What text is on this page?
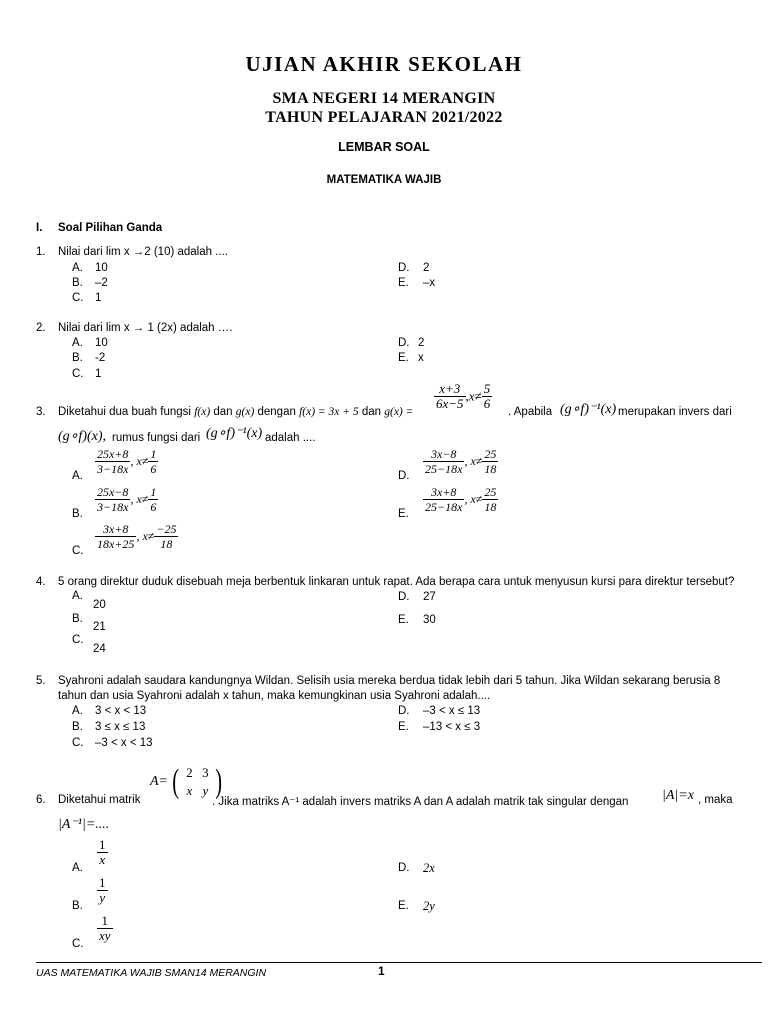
UJIAN AKHIR SEKOLAH
SMA NEGERI 14 MERANGIN
TAHUN PELAJARAN 2021/2022
LEMBAR SOAL
MATEMATIKA WAJIB
I. Soal Pilihan Ganda
1. Nilai dari lim x →2 (10) adalah ....
A. 10
B. –2
C. 1
D. 2
E. –x
2. Nilai dari lim x → 1 (2x) adalah ….
A. 10
B. -2
C. 1
D. 2
E. x
3. Diketahui dua buah fungsi f(x) dan g(x) dengan f(x) = 3x + 5 dan g(x) =
$\frac{x+3}{6x-5} ,x\ne \frac{5}{6}$
. Apabila (g∘f)⁻¹(x) merupakan invers dari
(g∘f)(x), rumus fungsi dari (g∘f)⁻¹(x) adalah ....
A. $\frac{25x+8}{3-18x}$ , $x\ne \frac{1}{6}$
B. $\frac{25x-8}{3-18x}$ , $x\ne \frac{1}{6}$
C. $\frac{3x+8}{18x+25}$ , $x\ne \frac{-25}{18}$
D. $\frac{3x-8}{25-18x}$ , $x\ne \frac{25}{18}$
E. $\frac{3x+8}{25-18x}$ , $x\ne \frac{25}{18}$
4. 5 orang direktur duduk disebuah meja berbentuk linkaran untuk rapat. Ada berapa cara untuk menyusun kursi para direktur tersebut?
A.
20
B.
21
C.
24
D. 27
E. 30
5. Syahroni adalah saudara kandungnya Wildan. Selisih usia mereka berdua tidak lebih dari 5 tahun. Jika Wildan sekarang berusia 8
tahun dan usia Syahroni adalah x tahun, maka kemungkinan usia Syahroni adalah....
A. 3 < x < 13
B. 3 ≤ x ≤ 13
C. –3 < x < 13
D. –3 < x ≤ 13
E. –13 < x ≤ 3
6. Diketahui matrik
A= ( 2 3
x y )
. Jika matriks A⁻¹ adalah invers matriks A dan A adalah matrik tak singular dengan |A|=x , maka
|A⁻¹|=....
A.
$\frac{1}{x}$
B.
$\frac{1}{y}$
C.
$\frac{1}{xy}$
D. 2x
E. 2y
UAS MATEMATIKA WAJIB SMAN14 MERANGIN	1
